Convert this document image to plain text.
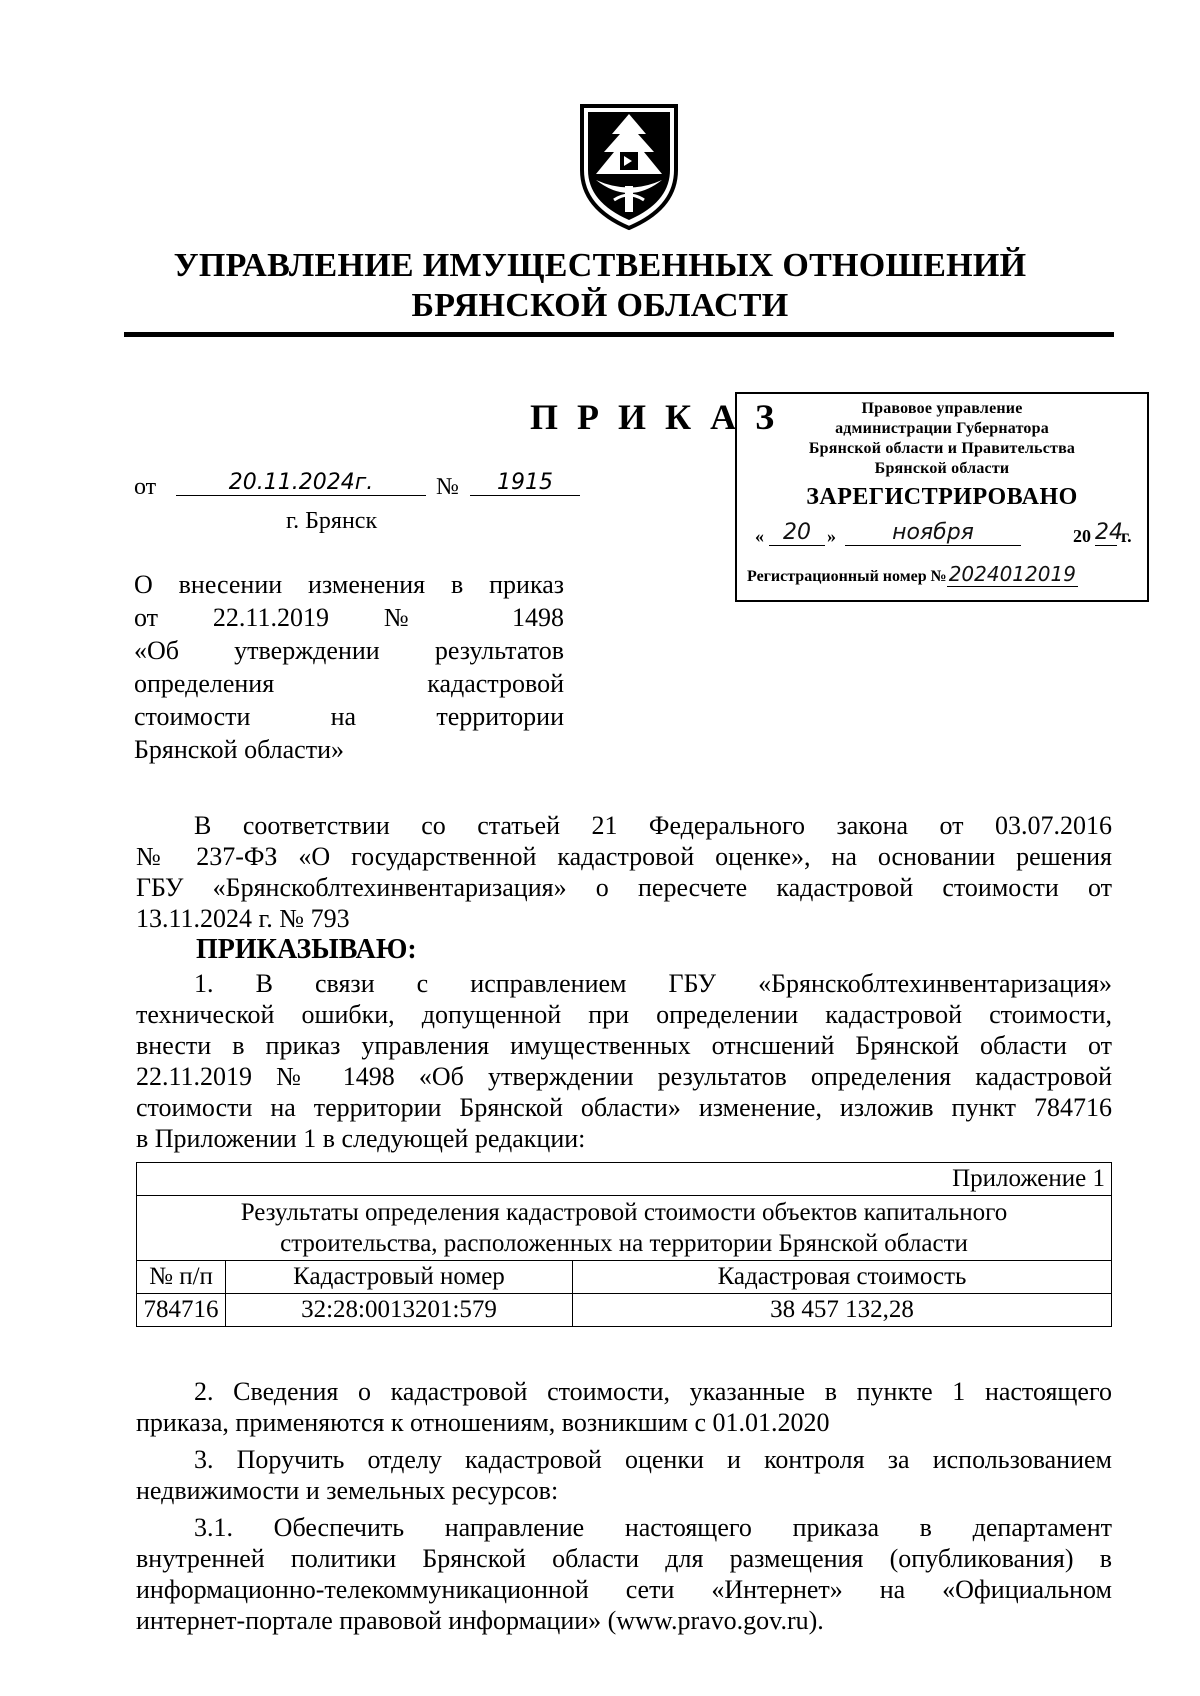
УПРАВЛЕНИЕ ИМУЩЕСТВЕННЫХ ОТНОШЕНИЙ
БРЯНСКОЙ ОБЛАСТИ
П Р И К А З	Правовое управление
администрации Губернатора
Брянской области и Правительства
Брянской области
ЗАРЕГИСТРИРОВАНО
« 20 »	ноября	20 24
г.
Регистрационный номер № 2024012019
от	20.11.2024г.	№	1915
г. Брянск
О внесении изменения в приказ
от 22.11.2019 № 1498
«Об утверждении результатов
определения кадастровой
стоимости на территории
Брянской области»
В соответствии со статьей 21 Федерального закона от 03.07.2016
№ 237-ФЗ «О государственной кадастровой оценке», на основании решения
ГБУ «Брянскоблтехинвентаризация» о пересчете кадастровой стоимости от
13.11.2024 г. № 793
ПРИКАЗЫВАЮ:
1. В связи с исправлением ГБУ «Брянскоблтехинвентаризация»
технической ошибки, допущенной при определении кадастровой стоимости,
внести в приказ управления имущественных отнсшений Брянской области от
22.11.2019 № 1498 «Об утверждении результатов определения кадастровой
стоимости на территории Брянской области» изменение, изложив пункт 784716
в Приложении 1 в следующей редакции:
Приложение 1		

Результаты определения кадастровой стоимости объектов капитального
строительства, расположенных на территории Брянской области		

№ п/п	Кадастровый номер	Кадастровая стоимость
784716	32:28:0013201:579	38 457 132,28
2. Сведения о кадастровой стоимости, указанные в пункте 1 настоящего
приказа, применяются к отношениям, возникшим с 01.01.2020
3. Поручить отделу кадастровой оценки и контроля за использованием
недвижимости и земельных ресурсов:
3.1. Обеспечить направление настоящего приказа в департамент
внутренней политики Брянской области для размещения (опубликования) в
информационно-телекоммуникационной сети «Интернет» на «Официальном
интернет-портале правовой информации» (www.pravo.gov.ru).
